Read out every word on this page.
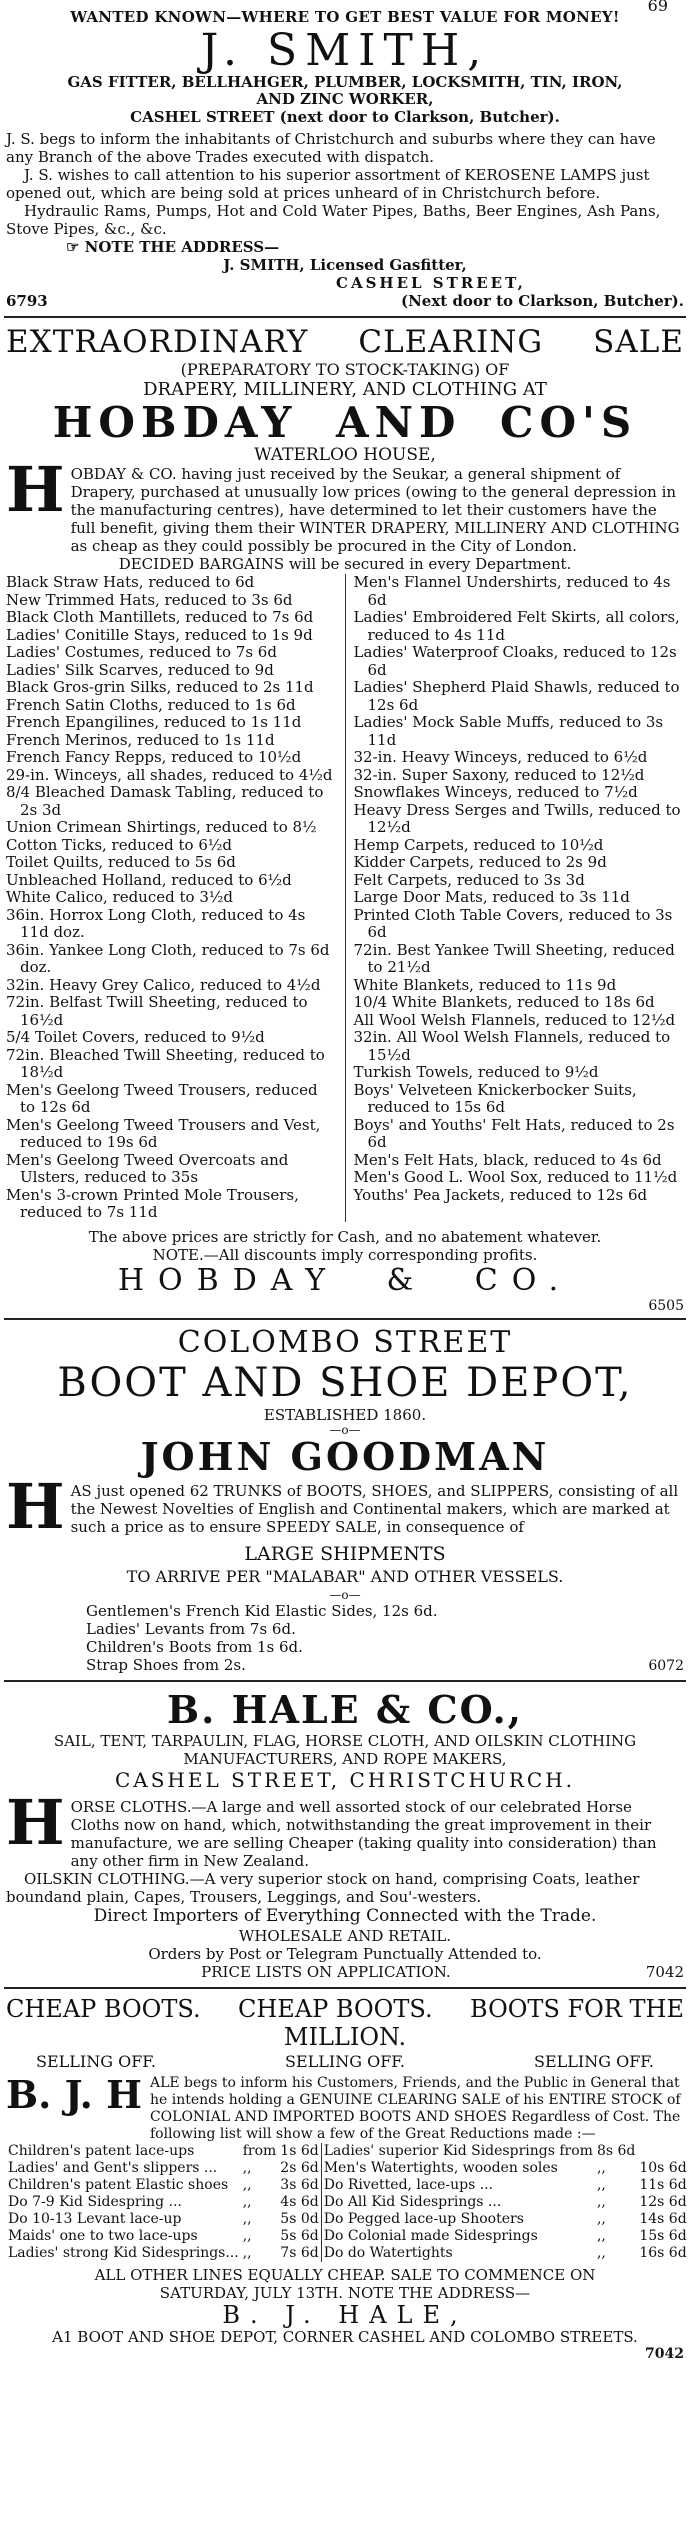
69

WANTED KNOWN—WHERE TO GET BEST VALUE FOR MONEY!

J. SMITH,

GAS FITTER, BELLHAHGER, PLUMBER, LOCKSMITH, TIN, IRON, AND ZINC WORKER,

CASHEL STREET (next door to Clarkson, Butcher).

J. S. begs to inform the inhabitants of Christchurch and suburbs where they can have any Branch of the above Trades executed with dispatch.

J. S. wishes to call attention to his superior assortment of KEROSENE LAMPS just opened out, which are being sold at prices unheard of in Christchurch before.

Hydraulic Rams, Pumps, Hot and Cold Water Pipes, Baths, Beer Engines, Ash Pans, Stove Pipes, &c., &c.

☞ NOTE THE ADDRESS—

J. SMITH, Licensed Gasfitter,

CASHEL STREET,

6793	(Next door to Clarkson, Butcher).
EXTRAORDINARY CLEARING SALE

(PREPARATORY TO STOCK-TAKING) OF

DRAPERY, MILLINERY, AND CLOTHING AT

HOBDAY AND CO'S

WATERLOO HOUSE,

H OBDAY & CO. having just received by the Seukar, a general shipment of Drapery, purchased at unusually low prices (owing to the general depression in the manufacturing centres), have determined to let their customers have the full benefit, giving them their WINTER DRAPERY, MILLINERY AND CLOTHING as cheap as they could possibly be procured in the City of London.

DECIDED BARGAINS will be secured in every Department.

Black Straw Hats, reduced to 6d

New Trimmed Hats, reduced to 3s 6d

Black Cloth Mantillets, reduced to 7s 6d

Ladies' Conitille Stays, reduced to 1s 9d

Ladies' Costumes, reduced to 7s 6d

Ladies' Silk Scarves, reduced to 9d

Black Gros-grin Silks, reduced to 2s 11d

French Satin Cloths, reduced to 1s 6d

French Epangilines, reduced to 1s 11d

French Merinos, reduced to 1s 11d

French Fancy Repps, reduced to 10½d

29-in. Winceys, all shades, reduced to 4½d

8/4 Bleached Damask Tabling, reduced to 2s 3d

Union Crimean Shirtings, reduced to 8½

Cotton Ticks, reduced to 6½d

Toilet Quilts, reduced to 5s 6d

Unbleached Holland, reduced to 6½d

White Calico, reduced to 3½d

36in. Horrox Long Cloth, reduced to 4s 11d doz.

36in. Yankee Long Cloth, reduced to 7s 6d doz.

32in. Heavy Grey Calico, reduced to 4½d

72in. Belfast Twill Sheeting, reduced to 16½d

5/4 Toilet Covers, reduced to 9½d

72in. Bleached Twill Sheeting, reduced to 18½d

Men's Geelong Tweed Trousers, reduced to 12s 6d

Men's Geelong Tweed Trousers and Vest, reduced to 19s 6d

Men's Geelong Tweed Overcoats and Ulsters, reduced to 35s

Men's 3-crown Printed Mole Trousers, reduced to 7s 11d

Men's Flannel Undershirts, reduced to 4s 6d

Ladies' Embroidered Felt Skirts, all colors, reduced to 4s 11d

Ladies' Waterproof Cloaks, reduced to 12s 6d

Ladies' Shepherd Plaid Shawls, reduced to 12s 6d

Ladies' Mock Sable Muffs, reduced to 3s 11d

32-in. Heavy Winceys, reduced to 6½d

32-in. Super Saxony, reduced to 12½d

Snowflakes Winceys, reduced to 7½d

Heavy Dress Serges and Twills, reduced to 12½d

Hemp Carpets, reduced to 10½d

Kidder Carpets, reduced to 2s 9d

Felt Carpets, reduced to 3s 3d

Large Door Mats, reduced to 3s 11d

Printed Cloth Table Covers, reduced to 3s 6d

72in. Best Yankee Twill Sheeting, reduced to 21½d

White Blankets, reduced to 11s 9d

10/4 White Blankets, reduced to 18s 6d

All Wool Welsh Flannels, reduced to 12½d

32in. All Wool Welsh Flannels, reduced to 15½d

Turkish Towels, reduced to 9½d

Boys' Velveteen Knickerbocker Suits, reduced to 15s 6d

Boys' and Youths' Felt Hats, reduced to 2s 6d

Men's Felt Hats, black, reduced to 4s 6d

Men's Good L. Wool Sox, reduced to 11½d

Youths' Pea Jackets, reduced to 12s 6d

The above prices are strictly for Cash, and no abatement whatever.

NOTE.—All discounts imply corresponding profits.

HOBDAY & CO.

6505

COLOMBO STREET

BOOT AND SHOE DEPOT,

ESTABLISHED 1860.

—o—

JOHN GOODMAN

H AS just opened 62 TRUNKS of BOOTS, SHOES, and SLIPPERS, consisting of all the Newest Novelties of English and Continental makers, which are marked at such a price as to ensure SPEEDY SALE, in consequence of

LARGE SHIPMENTS

TO ARRIVE PER "MALABAR" AND OTHER VESSELS.

—o—

Gentlemen's French Kid Elastic Sides, 12s 6d.

Ladies' Levants from 7s 6d.

Children's Boots from 1s 6d.

Strap Shoes from 2s.	6072

B. HALE & CO.,

SAIL, TENT, TARPAULIN, FLAG, HORSE CLOTH, AND OILSKIN CLOTHING

MANUFACTURERS, AND ROPE MAKERS,

CASHEL STREET, CHRISTCHURCH.

H ORSE CLOTHS.—A large and well assorted stock of our celebrated Horse Cloths now on hand, which, notwithstanding the great improvement in their manufacture, we are selling Cheaper (taking quality into consideration) than any other firm in New Zealand.

OILSKIN CLOTHING.—A very superior stock on hand, comprising Coats, leather boundand plain, Capes, Trousers, Leggings, and Sou'-westers.

Direct Importers of Everything Connected with the Trade.

WHOLESALE AND RETAIL.

Orders by Post or Telegram Punctually Attended to.

PRICE LISTS ON APPLICATION.	7042
CHEAP BOOTS. CHEAP BOOTS. BOOTS FOR THE

MILLION.

SELLING OFF.	SELLING OFF.	SELLING OFF.
B. J. H ALE begs to inform his Customers, Friends, and the Public in General that he intends holding a GENUINE CLEARING SALE of his ENTIRE STOCK of COLONIAL AND IMPORTED BOOTS AND SHOES Regardless of Cost. The following list will show a few of the Great Reductions made :—

Children's patent lace-ups	from	1s 6d	Ladies' superior Kid Sidesprings from	8s 6d	
Ladies' and Gent's slippers ...	,,	2s 6d	Men's Watertights, wooden soles	,,	10s 6d
Children's patent Elastic shoes	,,	3s 6d	Do Rivetted, lace-ups ...	,,	11s 6d
Do 7-9 Kid Sidespring ...	,,	4s 6d	Do All Kid Sidesprings ...	,,	12s 6d
Do 10-13 Levant lace-up	,,	5s 0d	Do Pegged lace-up Shooters	,,	14s 6d
Maids' one to two lace-ups	,,	5s 6d	Do Colonial made Sidesprings	,,	15s 6d
Ladies' strong Kid Sidesprings...	,,	7s 6d	Do do Watertights	,,	16s 6d

ALL OTHER LINES EQUALLY CHEAP. SALE TO COMMENCE ON

SATURDAY, JULY 13TH. NOTE THE ADDRESS—

B. J. HALE,

A1 BOOT AND SHOE DEPOT, CORNER CASHEL AND COLOMBO STREETS.

7042
